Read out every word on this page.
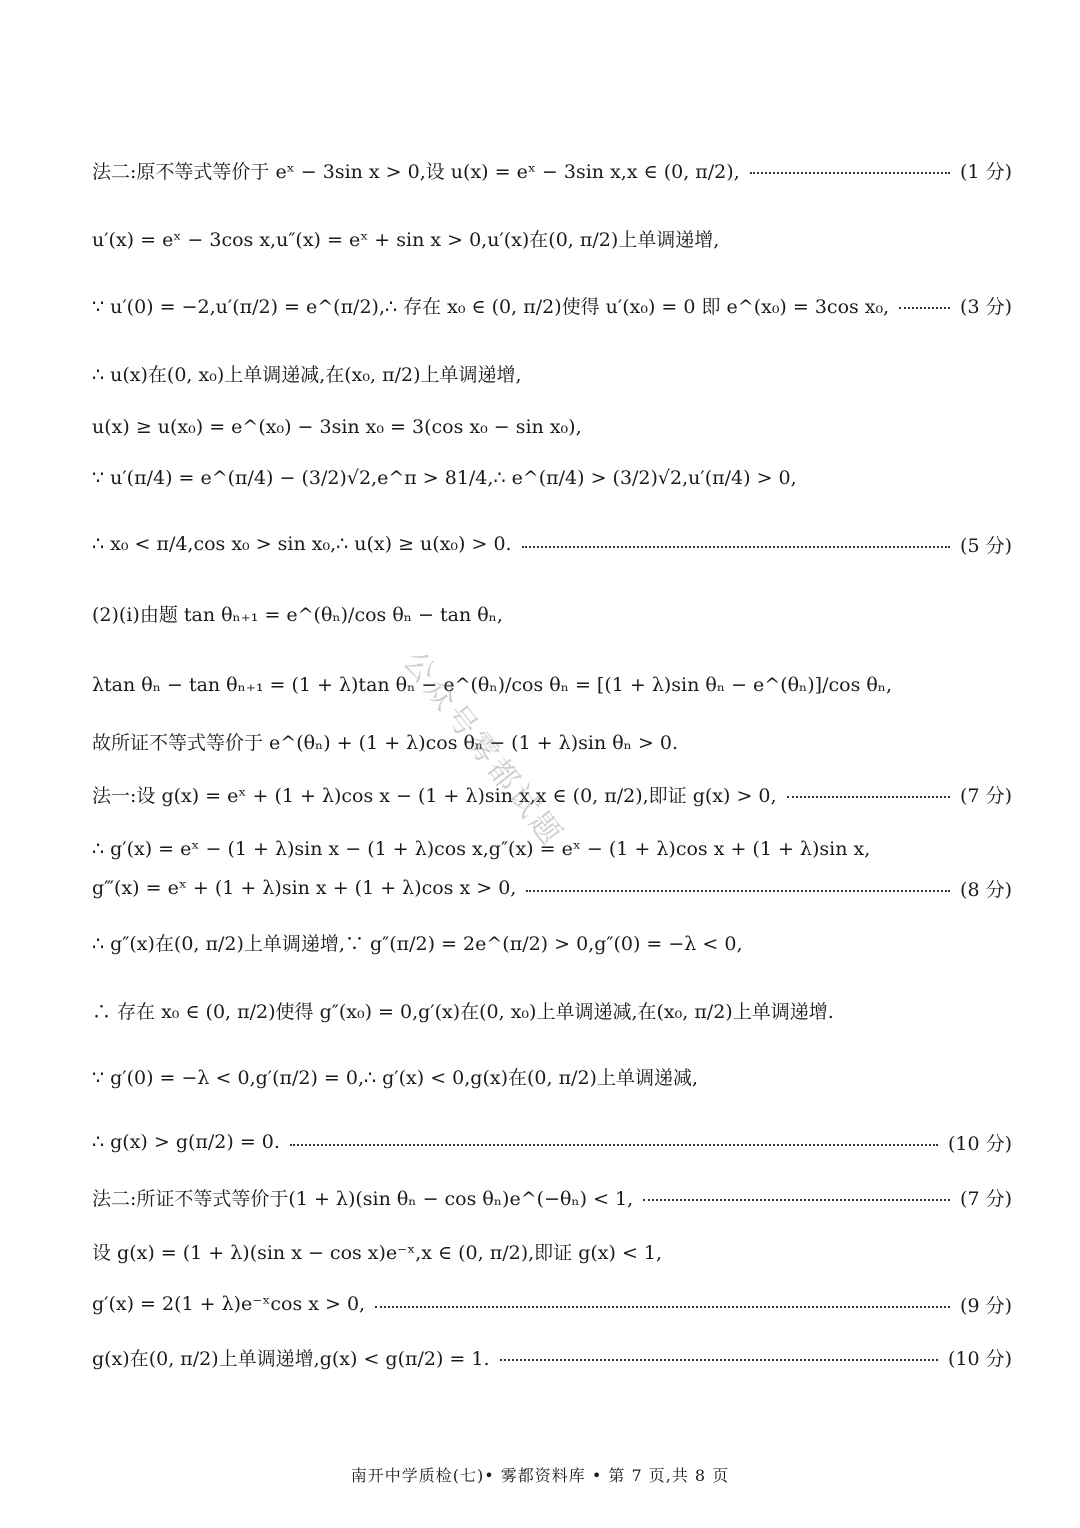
法二:原不等式等价于 eˣ − 3sin x > 0,设 u(x) = eˣ − 3sin x,x ∈ (0, π/2),	(1 分)
u′(x) = eˣ − 3cos x,u″(x) = eˣ + sin x > 0,u′(x)在(0, π/2)上单调递增,
∵ u′(0) = −2,u′(π/2) = e^(π/2),∴ 存在 x₀ ∈ (0, π/2)使得 u′(x₀) = 0 即 e^(x₀) = 3cos x₀,	(3 分)
∴ u(x)在(0, x₀)上单调递减,在(x₀, π/2)上单调递增,
u(x) ≥ u(x₀) = e^(x₀) − 3sin x₀ = 3(cos x₀ − sin x₀),
∵ u′(π/4) = e^(π/4) − (3/2)√2,e^π > 81/4,∴ e^(π/4) > (3/2)√2,u′(π/4) > 0,
∴ x₀ < π/4,cos x₀ > sin x₀,∴ u(x) ≥ u(x₀) > 0.	(5 分)
(2)(i)由题 tan θₙ₊₁ = e^(θₙ)/cos θₙ − tan θₙ,
λtan θₙ − tan θₙ₊₁ = (1 + λ)tan θₙ − e^(θₙ)/cos θₙ = [(1 + λ)sin θₙ − e^(θₙ)]/cos θₙ,
故所证不等式等价于 e^(θₙ) + (1 + λ)cos θₙ − (1 + λ)sin θₙ > 0.
法一:设 g(x) = eˣ + (1 + λ)cos x − (1 + λ)sin x,x ∈ (0, π/2),即证 g(x) > 0,	(7 分)
∴ g′(x) = eˣ − (1 + λ)sin x − (1 + λ)cos x,g″(x) = eˣ − (1 + λ)cos x + (1 + λ)sin x,
g‴(x) = eˣ + (1 + λ)sin x + (1 + λ)cos x > 0,	(8 分)
∴ g″(x)在(0, π/2)上单调递增,∵ g″(π/2) = 2e^(π/2) > 0,g″(0) = −λ < 0,
∴ 存在 x₀ ∈ (0, π/2)使得 g″(x₀) = 0,g′(x)在(0, x₀)上单调递减,在(x₀, π/2)上单调递增.
∵ g′(0) = −λ < 0,g′(π/2) = 0,∴ g′(x) < 0,g(x)在(0, π/2)上单调递减,
∴ g(x) > g(π/2) = 0.	(10 分)
法二:所证不等式等价于(1 + λ)(sin θₙ − cos θₙ)e^(−θₙ) < 1,	(7 分)
设 g(x) = (1 + λ)(sin x − cos x)e⁻ˣ,x ∈ (0, π/2),即证 g(x) < 1,
g′(x) = 2(1 + λ)e⁻ˣcos x > 0,	(9 分)
g(x)在(0, π/2)上单调递增,g(x) < g(π/2) = 1.	(10 分)
公众号雾都试题
南开中学质检(七)• 雾都资料库 • 第 7 页,共 8 页
